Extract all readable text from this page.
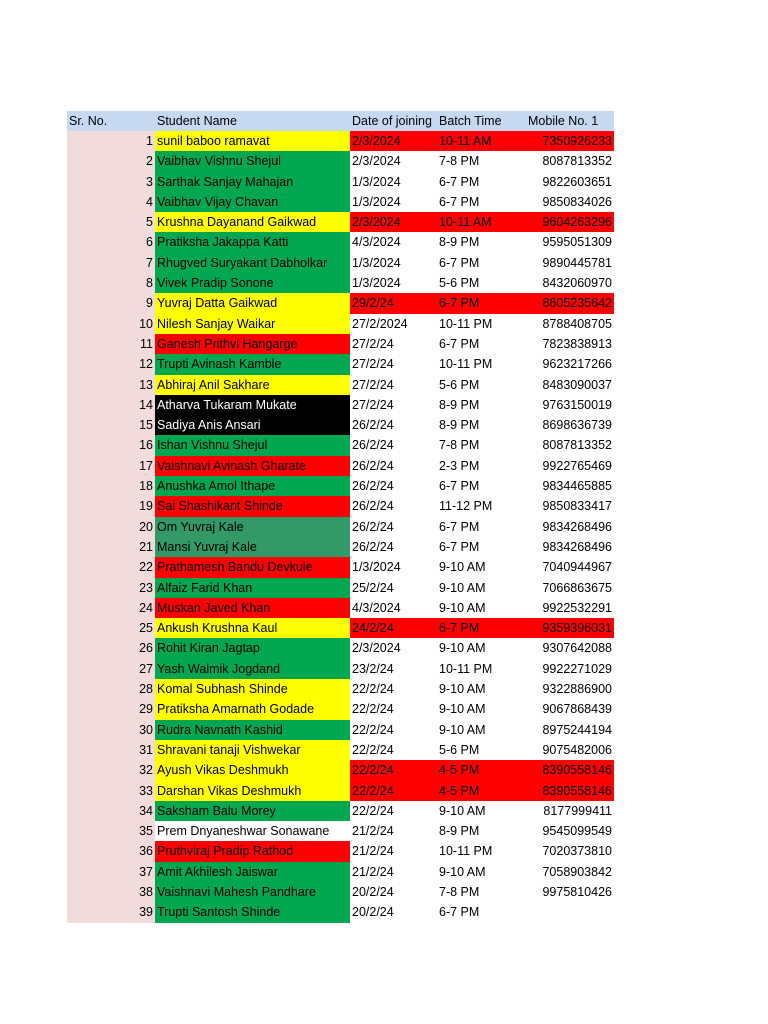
Sr. No.	Student Name	Date of joining	Batch Time	Mobile No. 1
1	sunil baboo ramavat	2/3/2024	10-11 AM	7350926233
2	Vaibhav Vishnu Shejul	2/3/2024	7-8 PM	8087813352
3	Sarthak Sanjay Mahajan	1/3/2024	6-7 PM	9822603651
4	Vaibhav Vijay Chavan	1/3/2024	6-7 PM	9850834026
5	Krushna Dayanand Gaikwad	2/3/2024	10-11 AM	9604263296
6	Pratiksha Jakappa Katti	4/3/2024	8-9 PM	9595051309
7	Rhugved Suryakant Dabholkar	1/3/2024	6-7 PM	9890445781
8	Vivek Pradip Sonone	1/3/2024	5-6 PM	8432060970
9	Yuvraj Datta Gaikwad	29/2/24	6-7 PM	8605235642
10	Nilesh Sanjay Waikar	27/2/2024	10-11 PM	8788408705
11	Ganesh Prithvi Hangarge	27/2/24	6-7 PM	7823838913
12	Trupti Avinash Kamble	27/2/24	10-11 PM	9623217266
13	Abhiraj Anil Sakhare	27/2/24	5-6 PM	8483090037
14	Atharva Tukaram Mukate	27/2/24	8-9 PM	9763150019
15	Sadiya Anis Ansari	26/2/24	8-9 PM	8698636739
16	Ishan Vishnu Shejul	26/2/24	7-8 PM	8087813352
17	Vaishnavi Avinash Gharate	26/2/24	2-3 PM	9922765469
18	Anushka Amol Ithape	26/2/24	6-7 PM	9834465885
19	Sai Shashikant Shinde	26/2/24	11-12 PM	9850833417
20	Om Yuvraj Kale	26/2/24	6-7 PM	9834268496
21	Mansi Yuvraj Kale	26/2/24	6-7 PM	9834268496
22	Prathamesh Bandu Devkule	1/3/2024	9-10 AM	7040944967
23	Alfaiz Farid Khan	25/2/24	9-10 AM	7066863675
24	Muskan Javed Khan	4/3/2024	9-10 AM	9922532291
25	Ankush Krushna Kaul	24/2/24	6-7 PM	9359396031
26	Rohit Kiran Jagtap	2/3/2024	9-10 AM	9307642088
27	Yash Walmik Jogdand	23/2/24	10-11 PM	9922271029
28	Komal Subhash Shinde	22/2/24	9-10 AM	9322886900
29	Pratiksha Amarnath Godade	22/2/24	9-10 AM	9067868439
30	Rudra Navnath Kashid	22/2/24	9-10 AM	8975244194
31	Shravani tanaji Vishwekar	22/2/24	5-6 PM	9075482006
32	Ayush Vikas Deshmukh	22/2/24	4-5 PM	8390558146
33	Darshan Vikas Deshmukh	22/2/24	4-5 PM	8390558146
34	Saksham Balu Morey	22/2/24	9-10 AM	8177999411
35	Prem Dnyaneshwar Sonawane	21/2/24	8-9 PM	9545099549
36	Pruthviraj Pradip Rathod	21/2/24	10-11 PM	7020373810
37	Amit Akhilesh Jaiswar	21/2/24	9-10 AM	7058903842
38	Vaishnavi Mahesh Pandhare	20/2/24	7-8 PM	9975810426
39	Trupti Santosh Shinde	20/2/24	6-7 PM	
